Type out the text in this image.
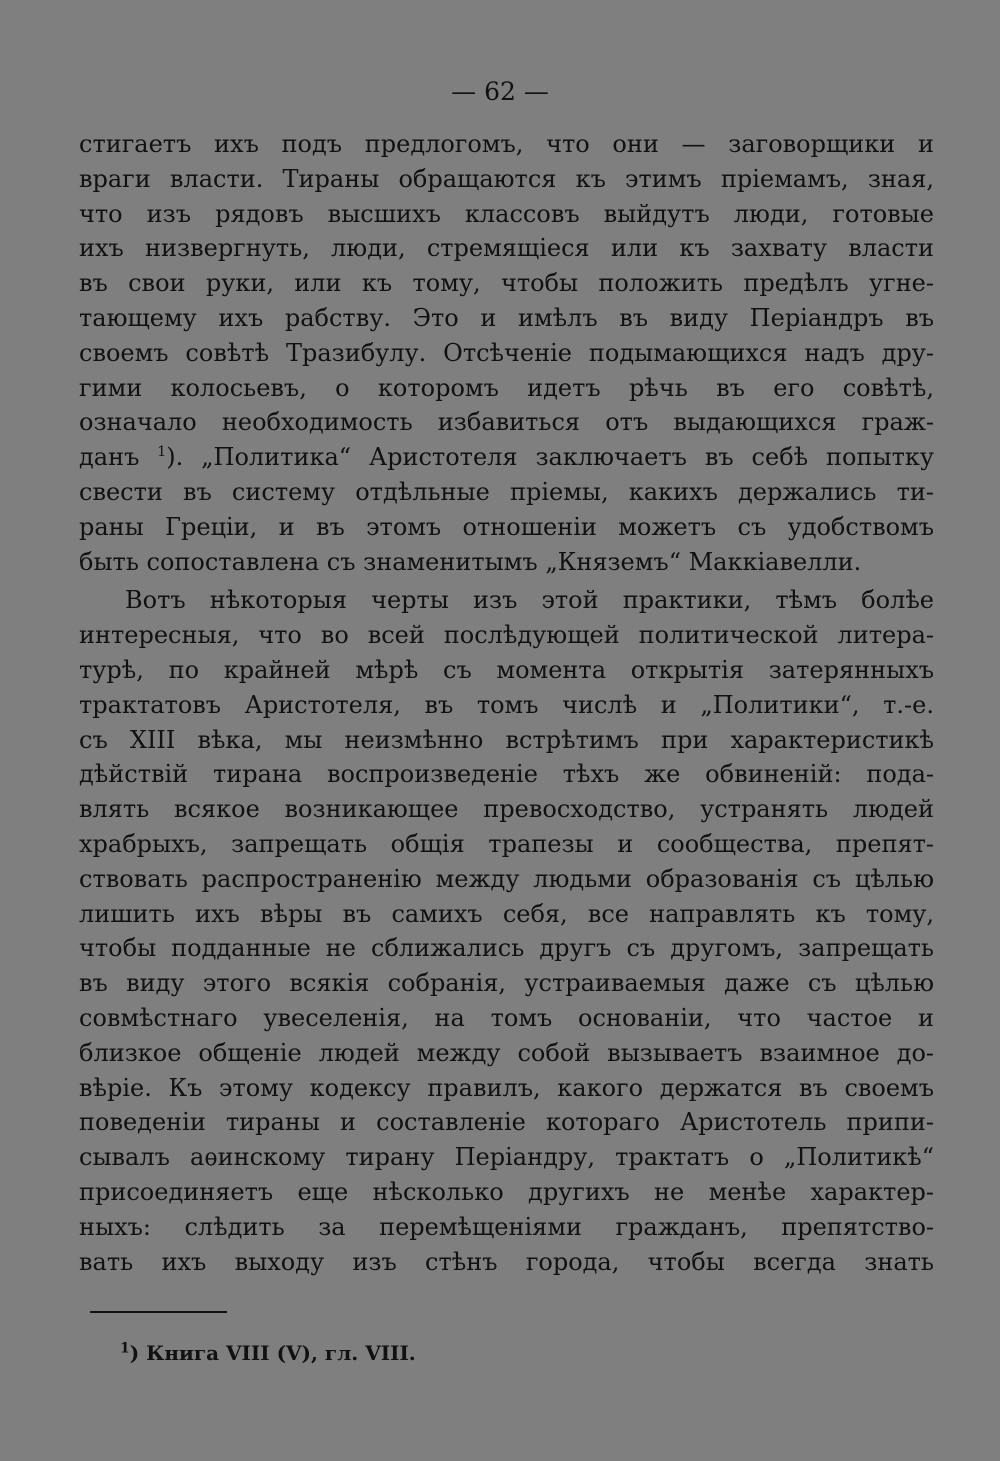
— 62 —
стигаетъ ихъ подъ предлогомъ, что они — заговорщики и
враги власти. Тираны обращаются къ этимъ пріемамъ, зная,
что изъ рядовъ высшихъ классовъ выйдутъ люди, готовые
ихъ низвергнуть, люди, стремящіеся или къ захвату власти
въ свои руки, или къ тому, чтобы положить предѣлъ угне-
тающему ихъ рабству. Это и имѣлъ въ виду Періандръ въ
своемъ совѣтѣ Тразибулу. Отсѣченіе подымающихся надъ дру-
гими колосьевъ, о которомъ идетъ рѣчь въ его совѣтѣ,
означало необходимость избавиться отъ выдающихся граж-
данъ $^1$). „Политика“ Аристотеля заключаетъ въ себѣ попытку
свести въ систему отдѣльные пріемы, какихъ держались ти-
раны Греціи, и въ этомъ отношеніи можетъ съ удобствомъ
быть сопоставлена съ знаменитымъ „Княземъ“ Маккіавелли.
Вотъ нѣкоторыя черты изъ этой практики, тѣмъ болѣе
интересныя, что во всей послѣдующей политической литера-
турѣ, по крайней мѣрѣ съ момента открытія затерянныхъ
трактатовъ Аристотеля, въ томъ числѣ и „Политики“, т.-е.
съ XIII вѣка, мы неизмѣнно встрѣтимъ при характеристикѣ
дѣйствій тирана воспроизведеніе тѣхъ же обвиненій: пода-
влять всякое возникающее превосходство, устранять людей
храбрыхъ, запрещать общія трапезы и сообщества, препят-
ствовать распространенію между людьми образованія съ цѣлью
лишить ихъ вѣры въ самихъ себя, все направлять къ тому,
чтобы подданные не сближались другъ съ другомъ, запрещать
въ виду этого всякія собранія, устраиваемыя даже съ цѣлью
совмѣстнаго увеселенія, на томъ основаніи, что частое и
близкое общеніе людей между собой вызываетъ взаимное до-
вѣріе. Къ этому кодексу правилъ, какого держатся въ своемъ
поведеніи тираны и составленіе котораго Аристотель припи-
сывалъ аѳинскому тирану Періандру, трактатъ о „Политикѣ“
присоединяетъ еще нѣсколько другихъ не менѣе характер-
ныхъ: слѣдить за перемѣщеніями гражданъ, препятство-
вать ихъ выходу изъ стѣнъ города, чтобы всегда знать
$^1$) Книга VIII (V), гл. VIII.
